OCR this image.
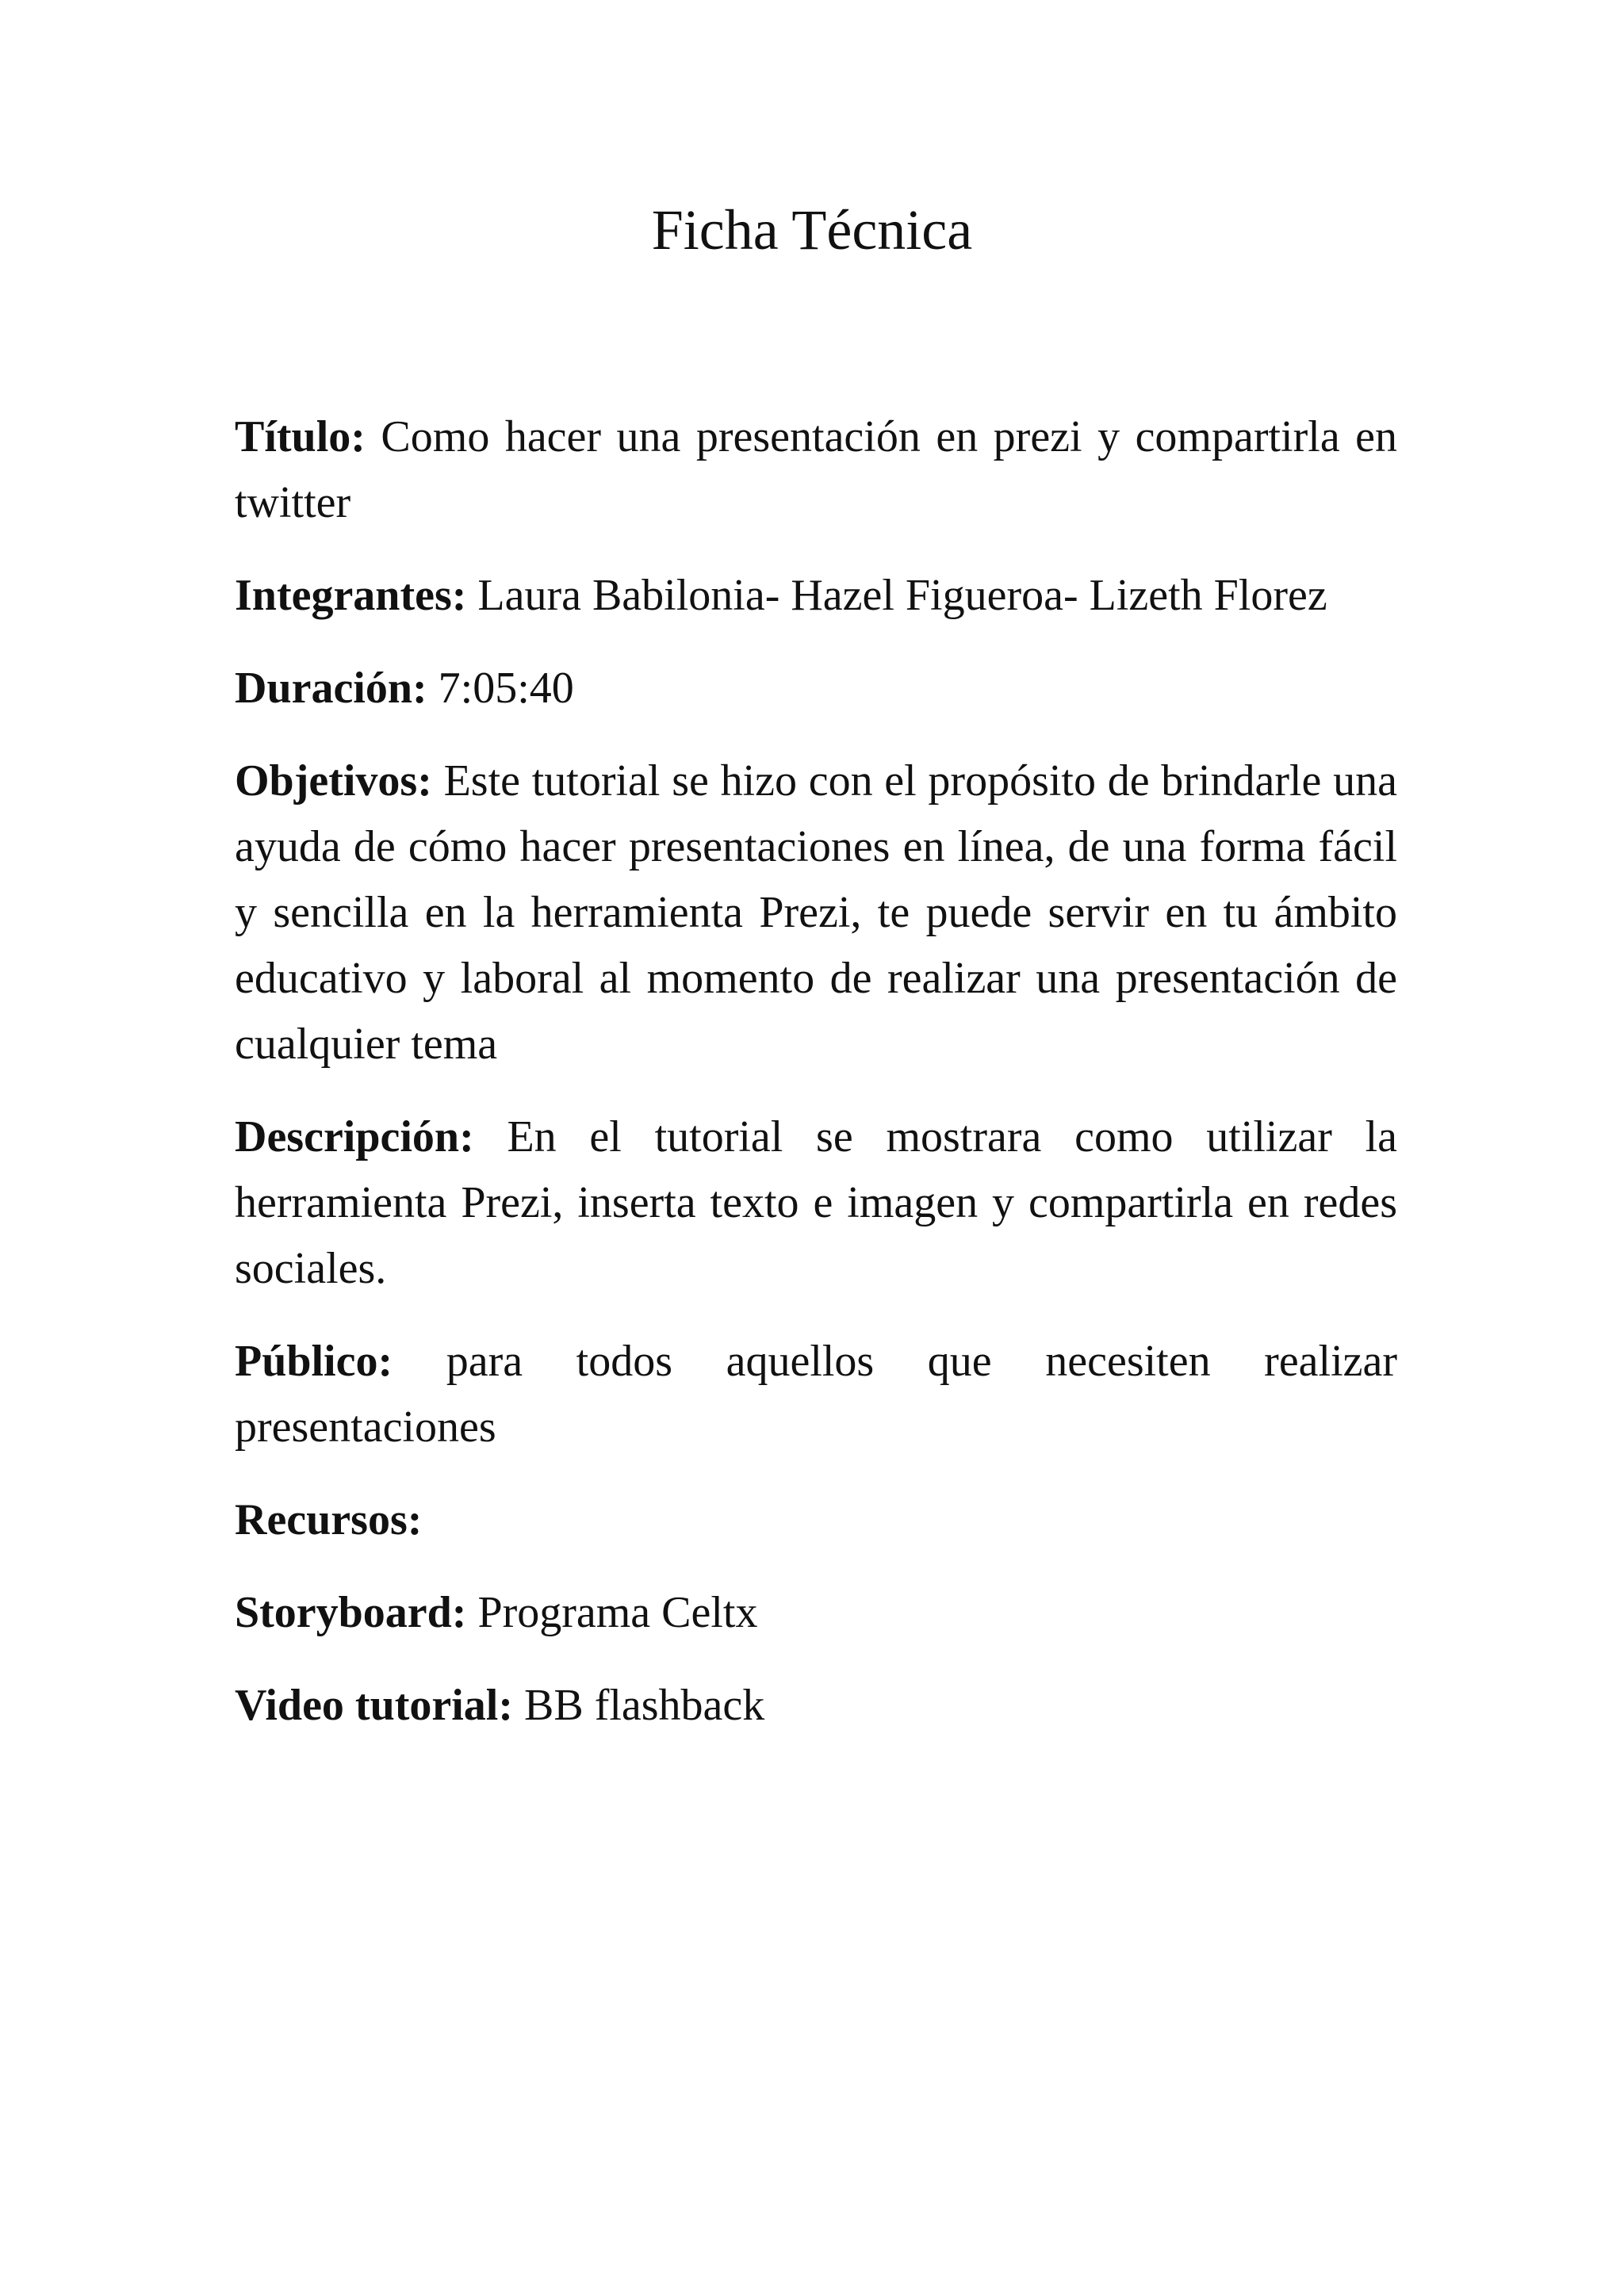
Ficha Técnica

Título: Como hacer una presentación en prezi y compartirla en twitter

Integrantes: Laura Babilonia- Hazel Figueroa- Lizeth Florez

Duración: 7:05:40

Objetivos: Este tutorial se hizo con el propósito de brindarle una ayuda de cómo hacer presentaciones en línea, de una forma fácil y sencilla en la herramienta Prezi, te puede servir en tu ámbito educativo y laboral al momento de realizar una presentación de cualquier tema

Descripción: En el tutorial se mostrara como utilizar la herramienta Prezi, inserta texto e imagen y compartirla en redes sociales.

Público: para todos aquellos que necesiten realizar presentaciones

Recursos:

Storyboard: Programa Celtx

Video tutorial: BB flashback
